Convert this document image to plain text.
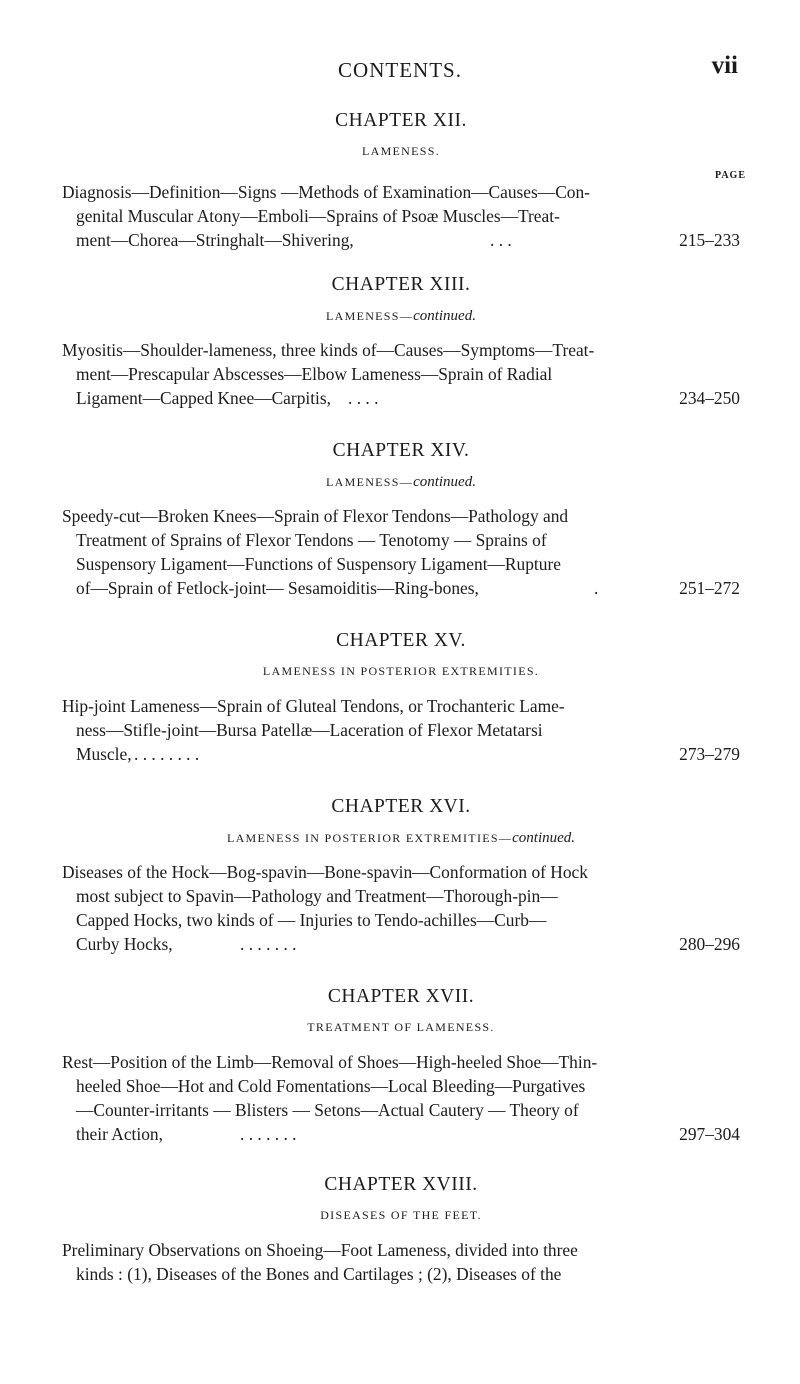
CONTENTS.	vii
CHAPTER XII.
LAMENESS.
PAGE
Diagnosis—Definition—Signs —Methods of Examination—Causes—Con-
genital Muscular Atony—Emboli—Sprains of Psoæ Muscles—Treat-
ment—Chorea—Stringhalt—Shivering,	. . .	215–233
CHAPTER XIII.
LAMENESS—continued.
Myositis—Shoulder-lameness, three kinds of—Causes—Symptoms—Treat-
ment—Prescapular Abscesses—Elbow Lameness—Sprain of Radial
Ligament—Capped Knee—Carpitis, . . . .	234–250
CHAPTER XIV.
LAMENESS—continued.
Speedy-cut—Broken Knees—Sprain of Flexor Tendons—Pathology and
Treatment of Sprains of Flexor Tendons — Tenotomy — Sprains of
Suspensory Ligament—Functions of Suspensory Ligament—Rupture
of—Sprain of Fetlock-joint— Sesamoiditis—Ring-bones,	.	251–272
CHAPTER XV.
LAMENESS IN POSTERIOR EXTREMITIES.
Hip-joint Lameness—Sprain of Gluteal Tendons, or Trochanteric Lame-
ness—Stifle-joint—Bursa Patellæ—Laceration of Flexor Metatarsi
Muscle, . . . . . . . .	273–279
CHAPTER XVI.
LAMENESS IN POSTERIOR EXTREMITIES—continued.
Diseases of the Hock—Bog-spavin—Bone-spavin—Conformation of Hock
most subject to Spavin—Pathology and Treatment—Thorough-pin—
Capped Hocks, two kinds of — Injuries to Tendo-achilles—Curb—
Curby Hocks,	. . . . . . .	280–296
CHAPTER XVII.
TREATMENT OF LAMENESS.
Rest—Position of the Limb—Removal of Shoes—High-heeled Shoe—Thin-
heeled Shoe—Hot and Cold Fomentations—Local Bleeding—Purgatives
—Counter-irritants — Blisters — Setons—Actual Cautery — Theory of
their Action,	. . . . . . .	297–304
CHAPTER XVIII.
DISEASES OF THE FEET.
Preliminary Observations on Shoeing—Foot Lameness, divided into three
kinds : (1), Diseases of the Bones and Cartilages ; (2), Diseases of the
